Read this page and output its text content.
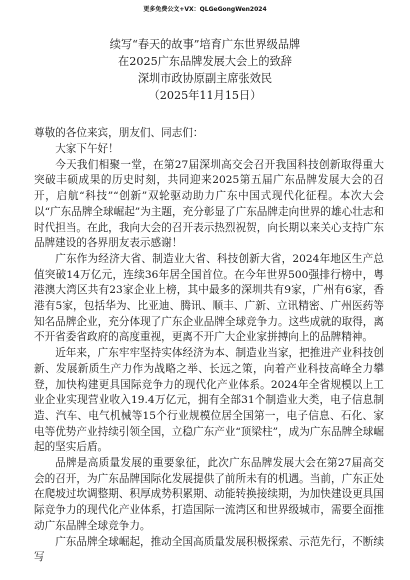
更多免费公文+VX：QLGeGongWen2024
续写“春天的故事”培育广东世界级品牌
在2025广东品牌发展大会上的致辞
深圳市政协原副主席张效民
（2025年11月15日）
尊敬的各位来宾，朋友们、同志们：

大家下午好！

今天我们相聚一堂，在第27届深圳高交会召开我国科技创新取得重大突破丰硕成果的历史时刻，共同迎来2025第五届广东品牌发展大会的召开，启航“科技”“创新”双轮驱动助力广东中国式现代化征程。本次大会以“广东品牌全球崛起”为主题，充分彰显了广东品牌走向世界的雄心壮志和时代担当。在此，我向大会的召开表示热烈祝贺，向长期以来关心支持广东品牌建设的各界朋友表示感谢！

广东作为经济大省、制造业大省、科技创新大省，2024年地区生产总值突破14万亿元，连续36年居全国首位。在今年世界500强排行榜中，粤港澳大湾区共有23家企业上榜，其中最多的深圳共有9家，广州有6家，香港有5家，包括华为、比亚迪、腾讯、顺丰、广新、立讯精密、广州医药等知名品牌企业，充分体现了广东企业品牌全球竞争力。这些成就的取得，离不开省委省政府的高度重视，更离不开广大企业家拼搏向上的品牌精神。

近年来，广东牢牢坚持实体经济为本、制造业当家，把推进产业科技创新、发展新质生产力作为战略之举、长远之策，向着产业科技高峰全力攀登，加快构建更具国际竞争力的现代化产业体系。2024年全省规模以上工业企业实现营业收入19.4万亿元，拥有全部31个制造业大类，电子信息制造、汽车、电气机械等15个行业规模位居全国第一，电子信息、石化、家电等优势产业持续引领全国，立稳广东产业“顶梁柱”，成为广东品牌全球崛起的坚实后盾。

品牌是高质量发展的重要象征，此次广东品牌发展大会在第27届高交会的召开，为广东品牌国际化发展提供了前所未有的机遇。当前，广东正处在爬坡过坎调整期、积厚成势积累期、动能转换接续期，为加快建设更具国际竞争力的现代化产业体系，打造国际一流湾区和世界级城市，需要全面推动广东品牌全球竞争力。

广东品牌全球崛起，推动全国高质量发展积极探索、示范先行，不断续写
